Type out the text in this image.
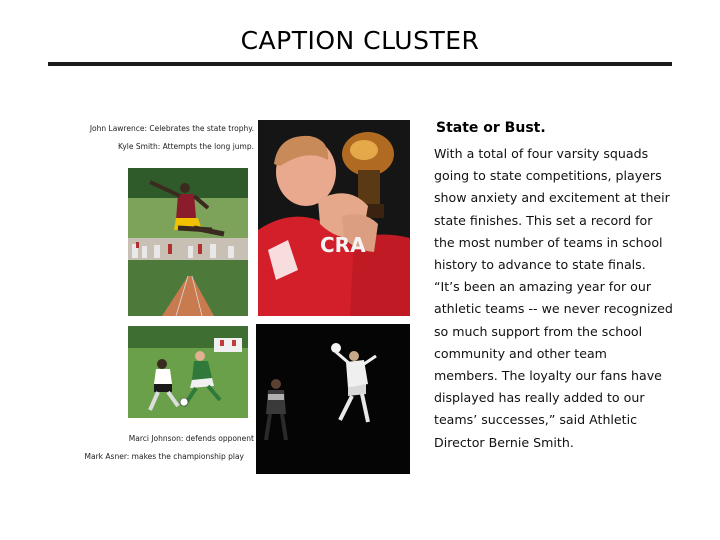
CAPTION CLUSTER
John Lawrence: Celebrates the state trophy.
Kyle Smith: Attempts the long jump.
CRA
Marci Johnson: defends opponent
Mark Asner: makes the championship play
State or Bust.

With a total of four varsity squads going to state competitions, players show anxiety and excitement at their state finishes. This set a record for the most number of teams in school history to advance to state finals. “It’s been an amazing year for our athletic teams -- we never recognized so much support from the school community and other team members. The loyalty our fans have displayed has really added to our teams’ successes,” said Athletic Director Bernie Smith.
